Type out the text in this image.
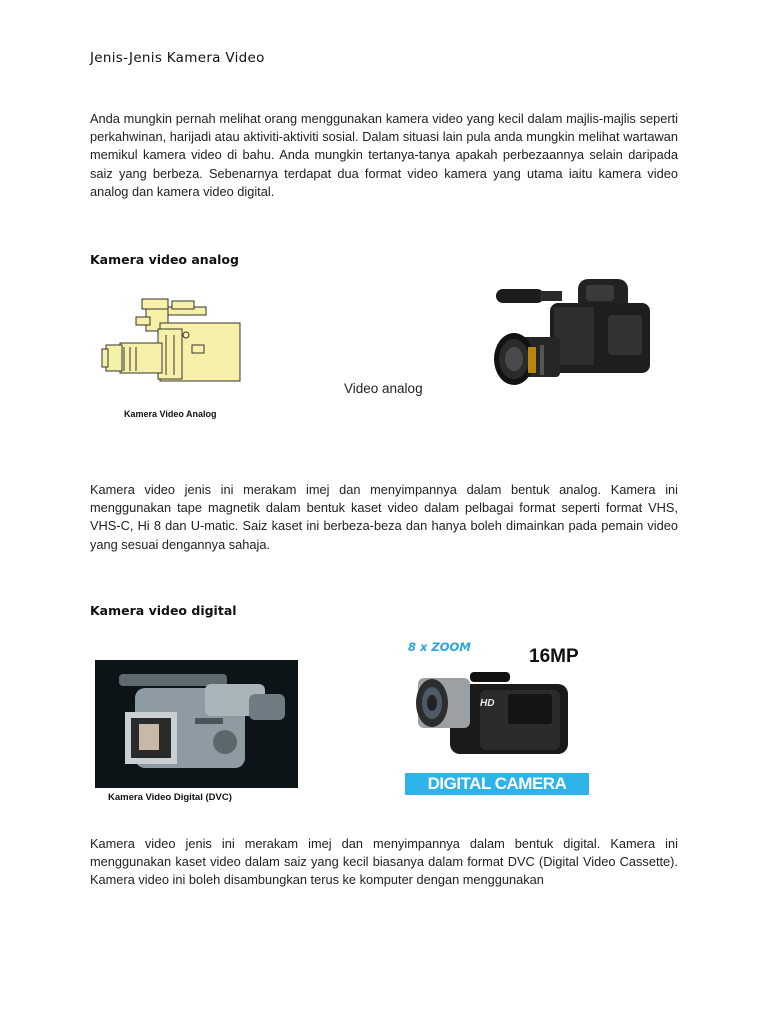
Jenis-Jenis Kamera Video
Anda mungkin pernah melihat orang menggunakan kamera video yang kecil dalam majlis-majlis seperti perkahwinan, harijadi atau aktiviti-aktiviti sosial. Dalam situasi lain pula anda mungkin melihat wartawan memikul kamera video di bahu. Anda mungkin tertanya-tanya apakah perbezaannya selain daripada saiz yang berbeza. Sebenarnya terdapat dua format video kamera yang utama iaitu kamera video analog dan kamera video digital.
Kamera video analog
Kamera Video Analog
Video analog
Kamera video jenis ini merakam imej dan menyimpannya dalam bentuk analog. Kamera ini menggunakan tape magnetik dalam bentuk kaset video dalam pelbagai format seperti format VHS, VHS-C, Hi 8 dan U-matic. Saiz kaset ini berbeza-beza dan hanya boleh dimainkan pada pemain video yang sesuai dengannya sahaja.
Kamera video digital
Kamera Video Digital (DVC)
8 x ZOOM	16MP
HD
DIGITAL CAMERA
Kamera video jenis ini merakam imej dan menyimpannya dalam bentuk digital. Kamera ini menggunakan kaset video dalam saiz yang kecil biasanya dalam format DVC (Digital Video Cassette). Kamera video ini boleh disambungkan terus ke komputer dengan menggunakan
